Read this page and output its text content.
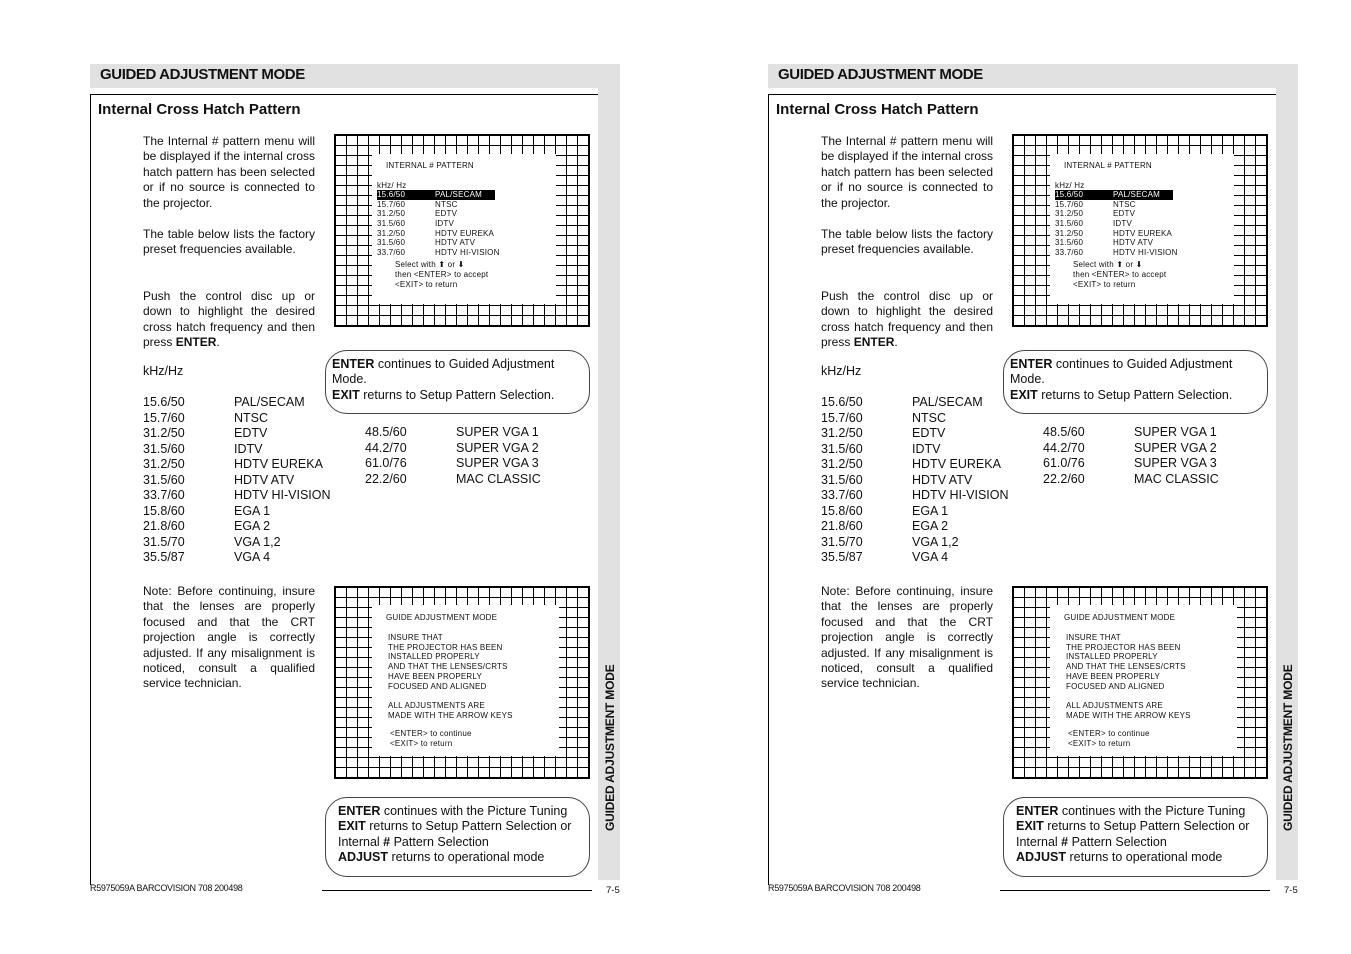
GUIDED ADJUSTMENT MODE
GUIDED ADJUSTMENT MODE
Internal Cross Hatch Pattern
The Internal # pattern menu will be displayed if the internal cross hatch pattern has been selected or if no source is connected to the projector.
The table below lists the factory preset frequencies available.
Push the control disc up or down to highlight the desired cross hatch frequency and then press ENTER.
kHz/Hz
15.6/50	PAL/SECAM
15.7/60	NTSC
31.2/50	EDTV
31.5/60	IDTV
31.2/50	HDTV EUREKA
31.5/60	HDTV ATV
33.7/60	HDTV HI-VISION
15.8/60	EGA 1
21.8/60	EGA 2
31.5/70	VGA 1,2
35.5/87	VGA 4
48.5/60	SUPER VGA 1
44.2/70	SUPER VGA 2
61.0/76	SUPER VGA 3
22.2/60	MAC CLASSIC
Note: Before continuing, insure that the lenses are properly focused and that the CRT projection angle is correctly adjusted. If any misalignment is noticed, consult a qualified service technician.
INTERNAL # PATTERN
kHz/ Hz
15.6/50	PAL/SECAM
15.7/60	NTSC
31.2/50	EDTV
31.5/60	IDTV
31.2/50	HDTV EUREKA
31.5/60	HDTV ATV
33.7/60	HDTV HI-VISION
Select with ⬆ or ⬇
then <ENTER> to accept
<EXIT> to return
ENTER continues to Guided Adjustment Mode.
EXIT returns to Setup Pattern Selection.
GUIDE ADJUSTMENT MODE
INSURE THAT
THE PROJECTOR HAS BEEN
INSTALLED PROPERLY
AND THAT THE LENSES/CRTS
HAVE BEEN PROPERLY
FOCUSED AND ALIGNED
ALL ADJUSTMENTS ARE
MADE WITH THE ARROW KEYS
<ENTER> to continue
<EXIT> to return
ENTER continues with the Picture Tuning
EXIT returns to Setup Pattern Selection or
Internal # Pattern Selection
ADJUST returns to operational mode
R5975059A BARCOVISION 708 200498	7-5
GUIDED ADJUSTMENT MODE
GUIDED ADJUSTMENT MODE
Internal Cross Hatch Pattern
The Internal # pattern menu will be displayed if the internal cross hatch pattern has been selected or if no source is connected to the projector.
The table below lists the factory preset frequencies available.
Push the control disc up or down to highlight the desired cross hatch frequency and then press ENTER.
kHz/Hz
15.6/50	PAL/SECAM
15.7/60	NTSC
31.2/50	EDTV
31.5/60	IDTV
31.2/50	HDTV EUREKA
31.5/60	HDTV ATV
33.7/60	HDTV HI-VISION
15.8/60	EGA 1
21.8/60	EGA 2
31.5/70	VGA 1,2
35.5/87	VGA 4
48.5/60	SUPER VGA 1
44.2/70	SUPER VGA 2
61.0/76	SUPER VGA 3
22.2/60	MAC CLASSIC
Note: Before continuing, insure that the lenses are properly focused and that the CRT projection angle is correctly adjusted. If any misalignment is noticed, consult a qualified service technician.
INTERNAL # PATTERN
kHz/ Hz
15.6/50	PAL/SECAM
15.7/60	NTSC
31.2/50	EDTV
31.5/60	IDTV
31.2/50	HDTV EUREKA
31.5/60	HDTV ATV
33.7/60	HDTV HI-VISION
Select with ⬆ or ⬇
then <ENTER> to accept
<EXIT> to return
ENTER continues to Guided Adjustment Mode.
EXIT returns to Setup Pattern Selection.
GUIDE ADJUSTMENT MODE
INSURE THAT
THE PROJECTOR HAS BEEN
INSTALLED PROPERLY
AND THAT THE LENSES/CRTS
HAVE BEEN PROPERLY
FOCUSED AND ALIGNED
ALL ADJUSTMENTS ARE
MADE WITH THE ARROW KEYS
<ENTER> to continue
<EXIT> to return
ENTER continues with the Picture Tuning
EXIT returns to Setup Pattern Selection or
Internal # Pattern Selection
ADJUST returns to operational mode
R5975059A BARCOVISION 708 200498	7-5
